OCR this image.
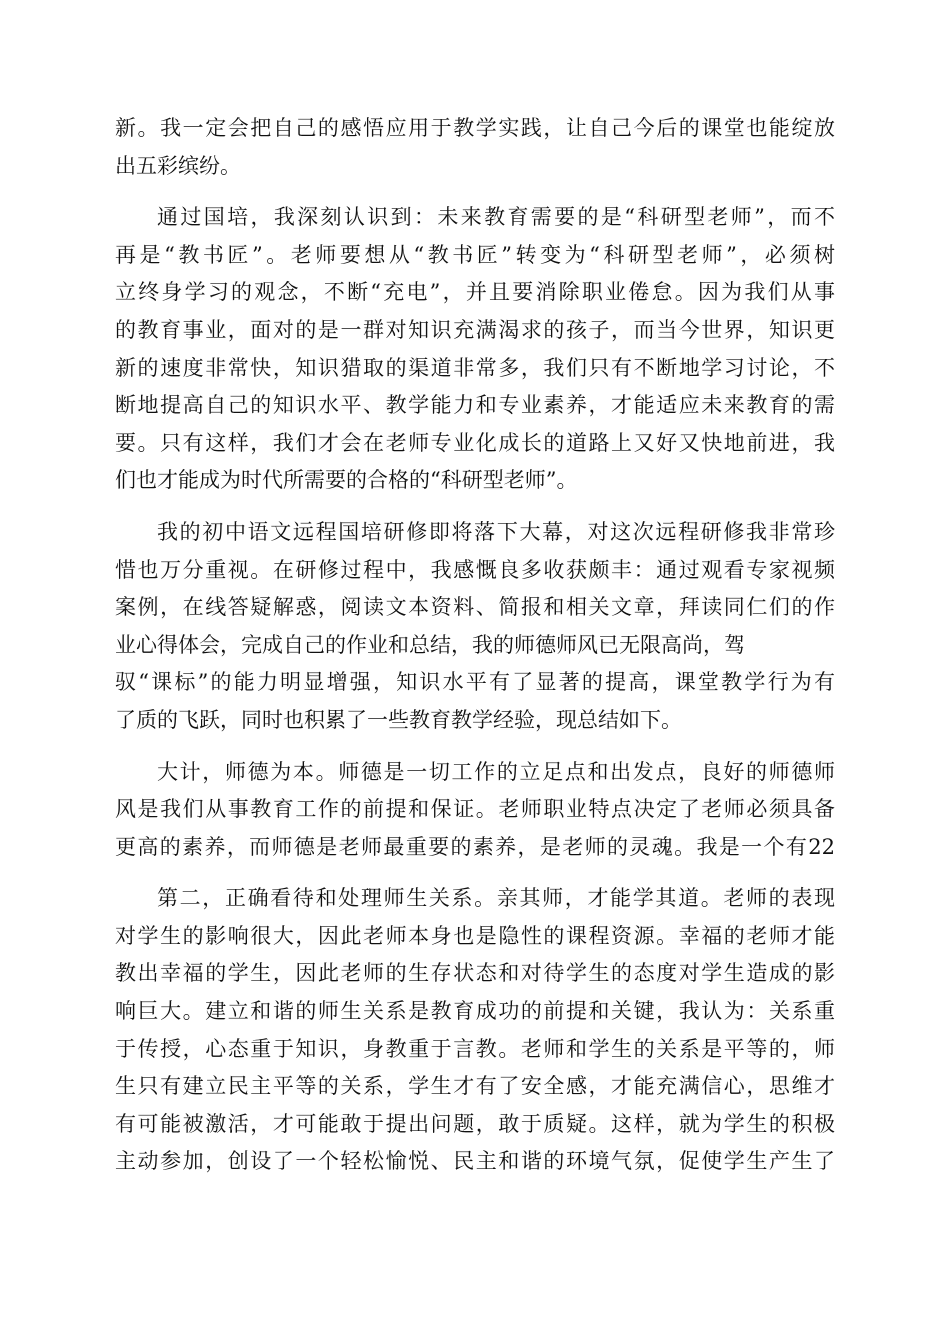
新。我一定会把自己的感悟应用于教学实践，让自己今后的课堂也能绽放
出五彩缤纷。
通过国培，我深刻认识到：未来教育需要的是“科研型老师”，而不
再是“教书匠”。老师要想从“教书匠”转变为“科研型老师”，必须树
立终身学习的观念，不断“充电”，并且要消除职业倦怠。因为我们从事
的教育事业，面对的是一群对知识充满渴求的孩子，而当今世界，知识更
新的速度非常快，知识猎取的渠道非常多，我们只有不断地学习讨论，不
断地提高自己的知识水平、教学能力和专业素养，才能适应未来教育的需
要。只有这样，我们才会在老师专业化成长的道路上又好又快地前进，我
们也才能成为时代所需要的合格的“科研型老师”。
我的初中语文远程国培研修即将落下大幕，对这次远程研修我非常珍
惜也万分重视。在研修过程中，我感慨良多收获颇丰：通过观看专家视频
案例，在线答疑解惑，阅读文本资料、简报和相关文章，拜读同仁们的作
业心得体会，完成自己的作业和总结，我的师德师风已无限高尚，驾
驭“课标”的能力明显增强，知识水平有了显著的提高，课堂教学行为有
了质的飞跃，同时也积累了一些教育教学经验，现总结如下。
大计，师德为本。师德是一切工作的立足点和出发点，良好的师德师
风是我们从事教育工作的前提和保证。老师职业特点决定了老师必须具备
更高的素养，而师德是老师最重要的素养，是老师的灵魂。我是一个有22
第二，正确看待和处理师生关系。亲其师，才能学其道。老师的表现
对学生的影响很大，因此老师本身也是隐性的课程资源。幸福的老师才能
教出幸福的学生，因此老师的生存状态和对待学生的态度对学生造成的影
响巨大。建立和谐的师生关系是教育成功的前提和关键，我认为：关系重
于传授，心态重于知识，身教重于言教。老师和学生的关系是平等的，师
生只有建立民主平等的关系，学生才有了安全感，才能充满信心，思维才
有可能被激活，才可能敢于提出问题，敢于质疑。这样，就为学生的积极
主动参加，创设了一个轻松愉悦、民主和谐的环境气氛，促使学生产生了
